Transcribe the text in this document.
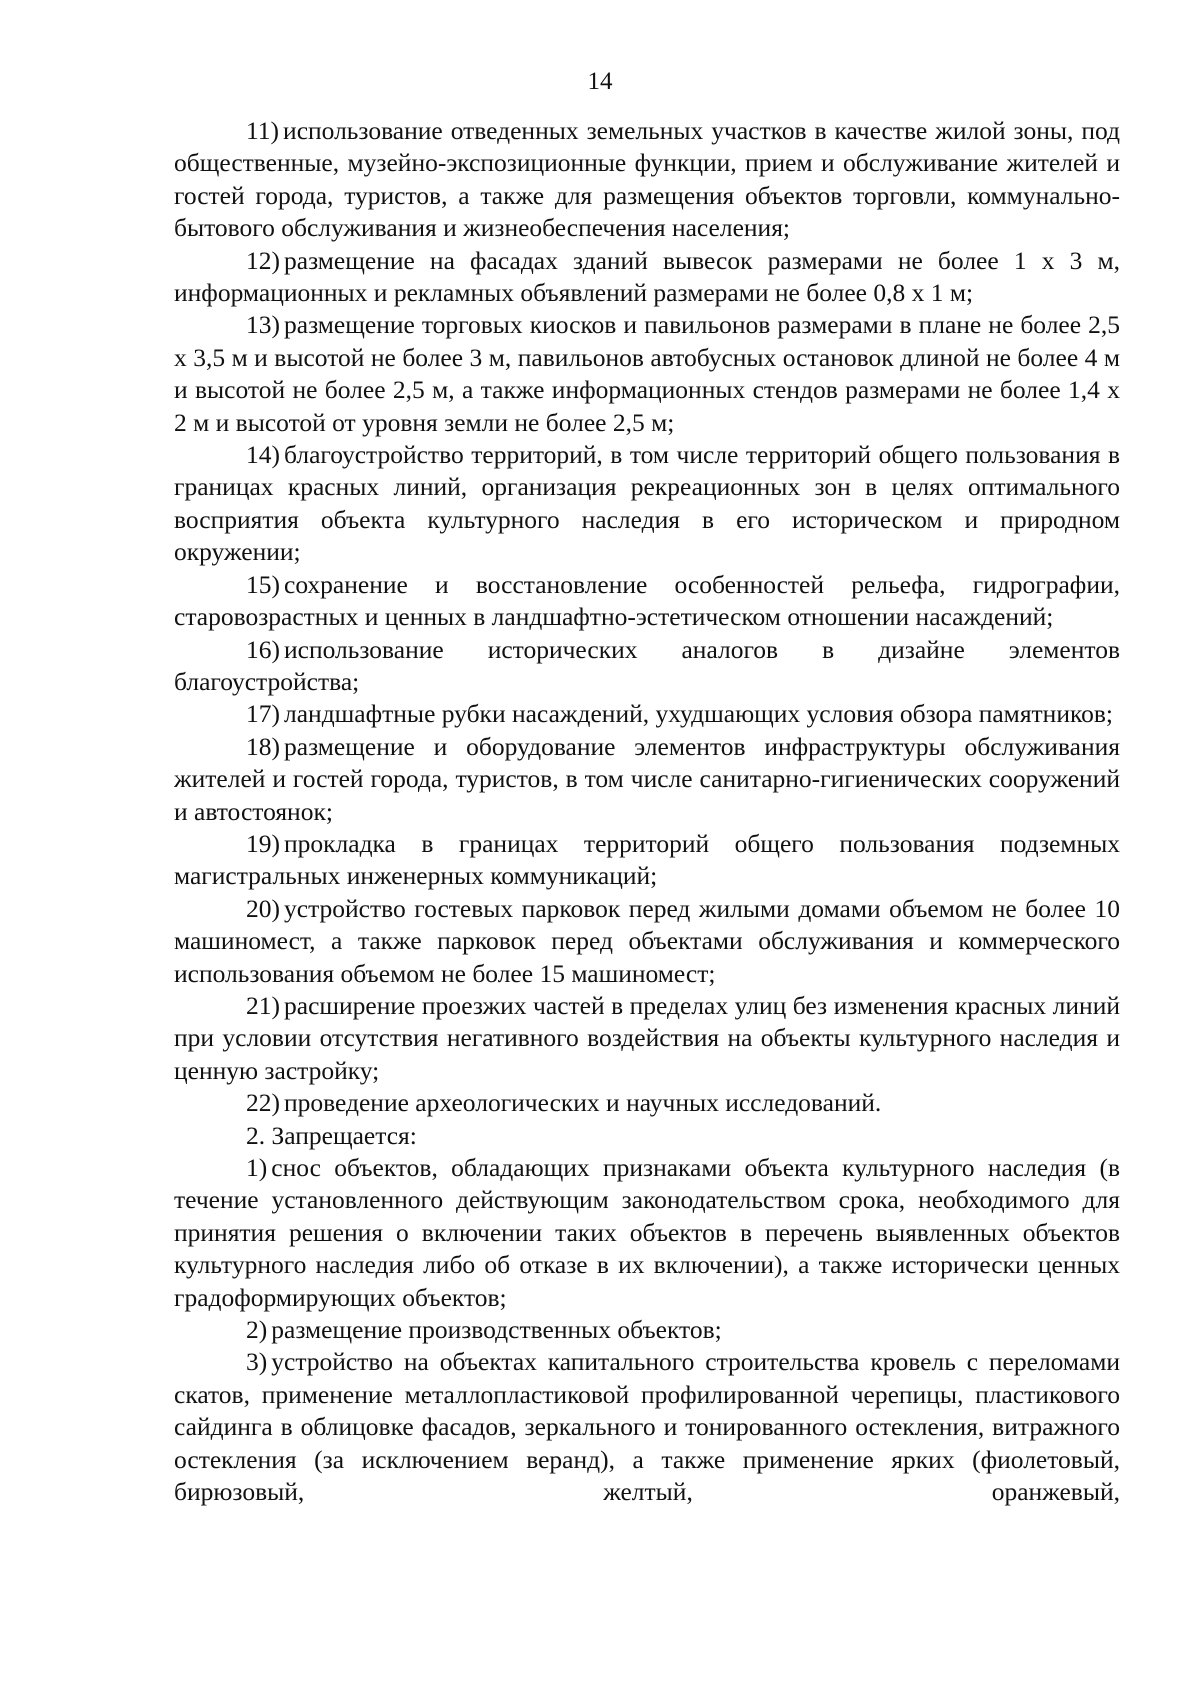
14

11) использование отведенных земельных участков в качестве жилой зоны, под общественные, музейно-экспозиционные функции, прием и обслуживание жителей и гостей города, туристов, а также для размещения объектов торговли, коммунально-бытового обслуживания и жизнеобеспечения населения;

12) размещение на фасадах зданий вывесок размерами не более 1 х 3 м, информационных и рекламных объявлений размерами не более 0,8 х 1 м;

13) размещение торговых киосков и павильонов размерами в плане не более 2,5 х 3,5 м и высотой не более 3 м, павильонов автобусных остановок длиной не более 4 м и высотой не более 2,5 м, а также информационных стендов размерами не более 1,4 х 2 м и высотой от уровня земли не более 2,5 м;

14) благоустройство территорий, в том числе территорий общего пользования в границах красных линий, организация рекреационных зон в целях оптимального восприятия объекта культурного наследия в его историческом и природном окружении;

15) сохранение и восстановление особенностей рельефа, гидрографии, старовозрастных и ценных в ландшафтно-эстетическом отношении насаждений;

16) использование исторических аналогов в дизайне элементов благоустройства;

17) ландшафтные рубки насаждений, ухудшающих условия обзора памятников;

18) размещение и оборудование элементов инфраструктуры обслуживания жителей и гостей города, туристов, в том числе санитарно-гигиенических сооружений и автостоянок;

19) прокладка в границах территорий общего пользования подземных магистральных инженерных коммуникаций;

20) устройство гостевых парковок перед жилыми домами объемом не более 10 машиномест, а также парковок перед объектами обслуживания и коммерческого использования объемом не более 15 машиномест;

21) расширение проезжих частей в пределах улиц без изменения красных линий при условии отсутствия негативного воздействия на объекты культурного наследия и ценную застройку;

22) проведение археологических и научных исследований.

2. Запрещается:

1) снос объектов, обладающих признаками объекта культурного наследия (в течение установленного действующим законодательством срока, необходимого для принятия решения о включении таких объектов в перечень выявленных объектов культурного наследия либо об отказе в их включении), а также исторически ценных градоформирующих объектов;

2) размещение производственных объектов;

3) устройство на объектах капитального строительства кровель с переломами скатов, применение металлопластиковой профилированной черепицы, пластикового сайдинга в облицовке фасадов, зеркального и тонированного остекления, витражного остекления (за исключением веранд), а также применение ярких (фиолетовый, бирюзовый, желтый, оранжевый,
